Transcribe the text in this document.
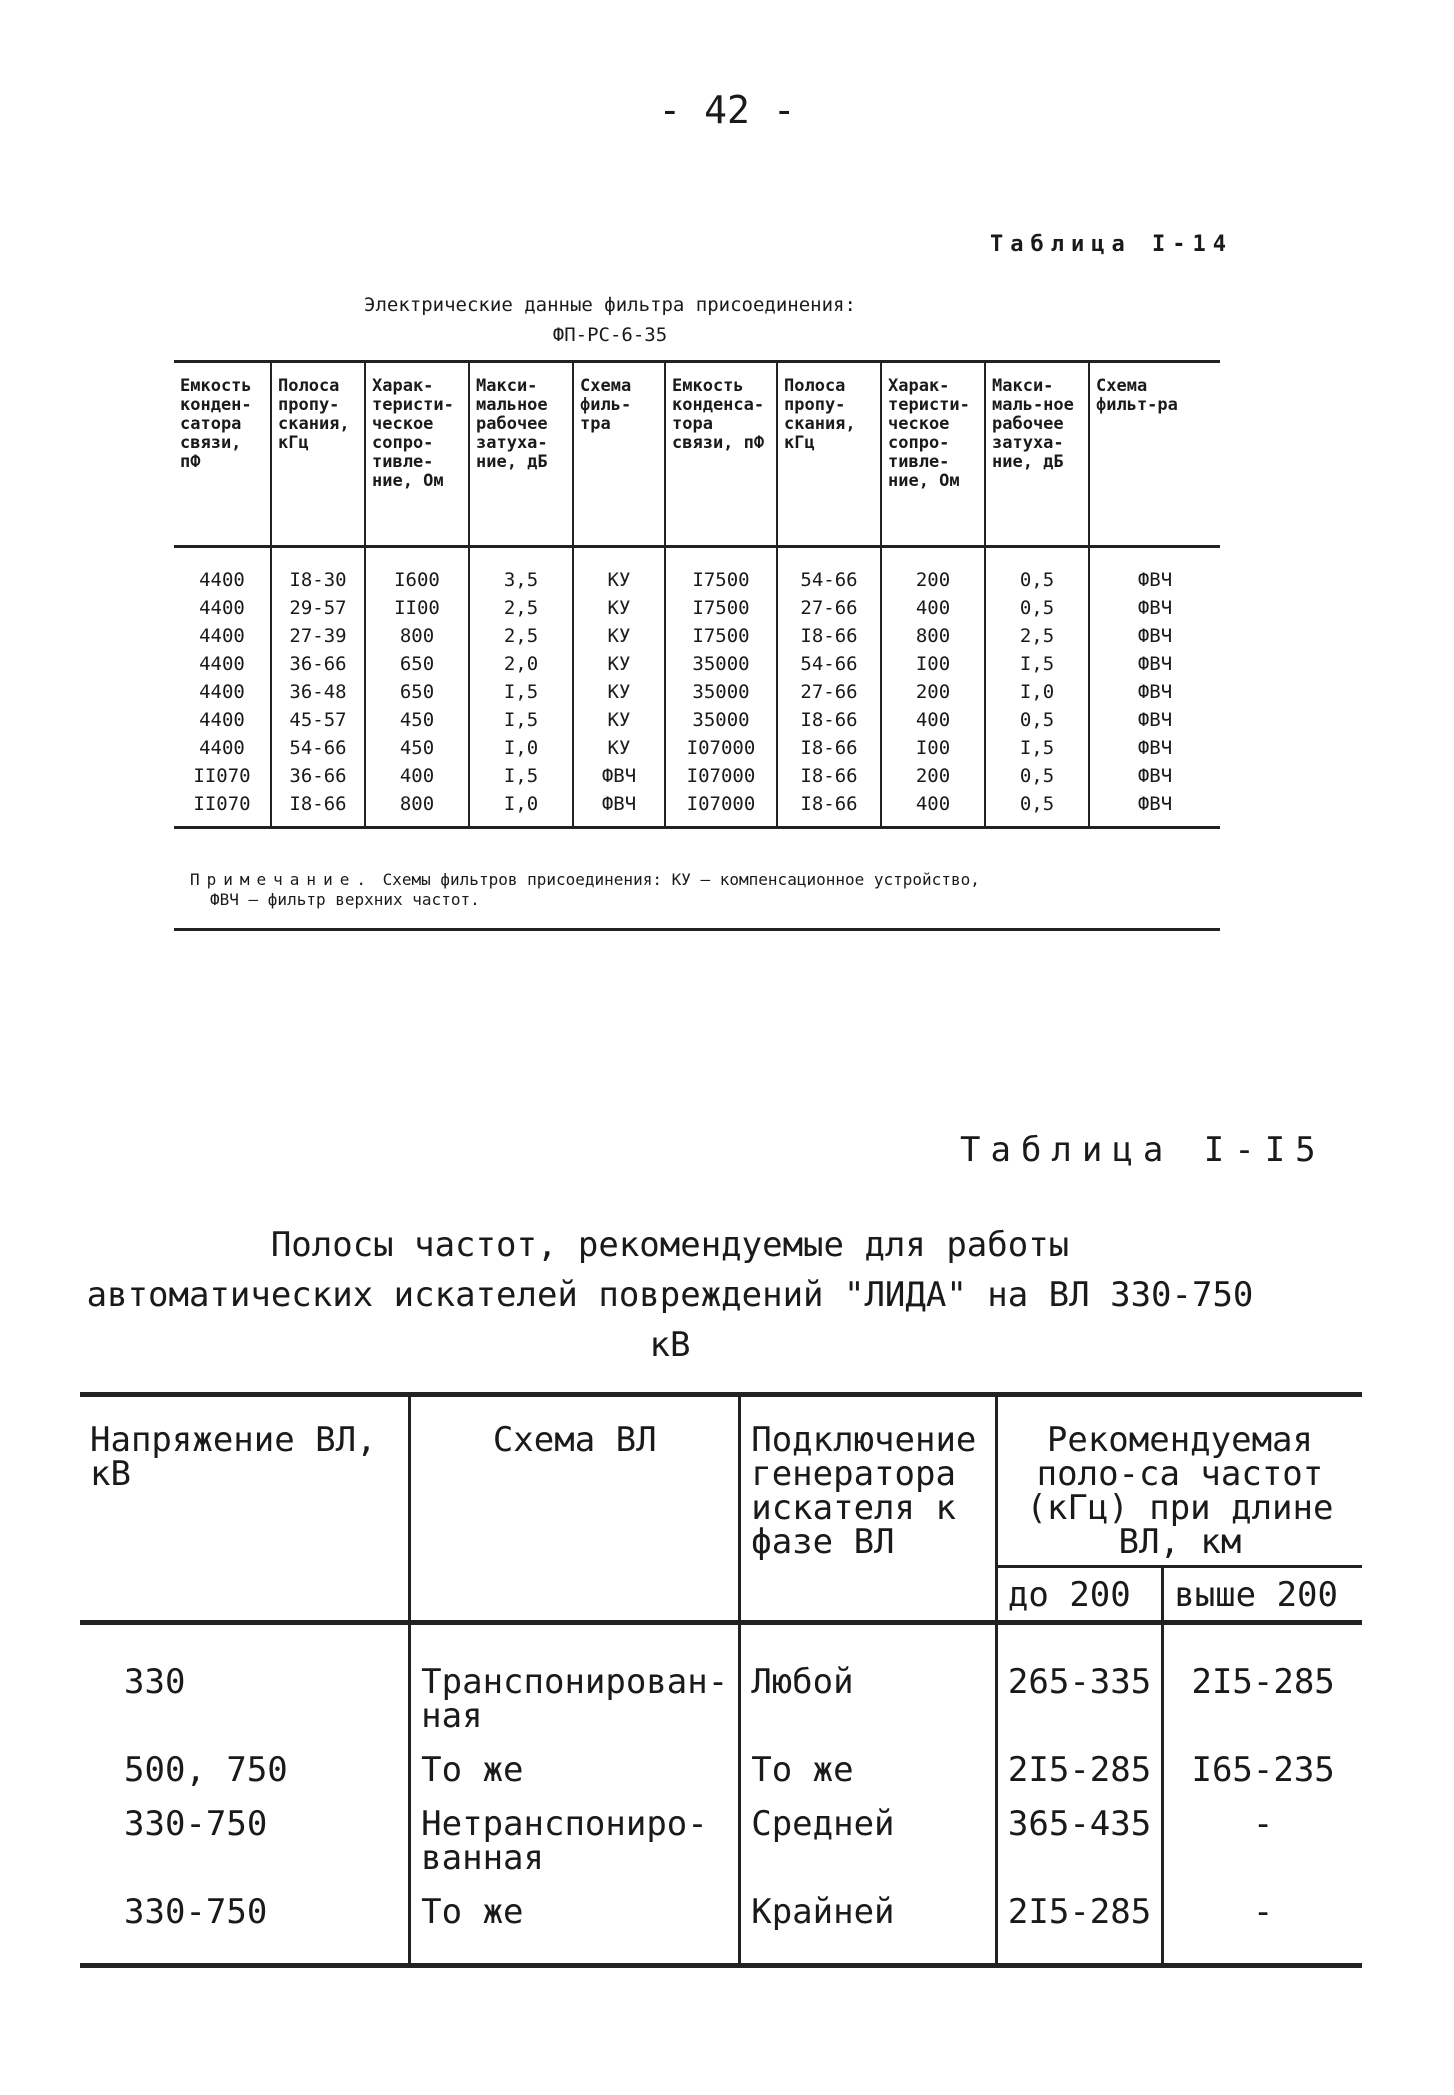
- 42 -
Таблица I-14
Электрические данные фильтра присоединения:
ФП-РС-6-35
Емкость конден-сатора связи, пФ	Полоса пропу-скания, кГц	Харак-теристи-ческое сопро-тивле-ние, Ом	Макси-мальное рабочее затуха-ние, дБ	Схема филь-тра	Емкость конденса-тора связи, пФ	Полоса пропу-скания, кГц	Харак-теристи-ческое сопро-тивле-ние, Ом	Макси-маль-ное рабочее затуха-ние, дБ	Схема фильт-ра
4400	I8-30	I600	3,5	КУ	I7500	54-66	200	0,5	ФВЧ
4400	29-57	II00	2,5	КУ	I7500	27-66	400	0,5	ФВЧ
4400	27-39	800	2,5	КУ	I7500	I8-66	800	2,5	ФВЧ
4400	36-66	650	2,0	КУ	35000	54-66	I00	I,5	ФВЧ
4400	36-48	650	I,5	КУ	35000	27-66	200	I,0	ФВЧ
4400	45-57	450	I,5	КУ	35000	I8-66	400	0,5	ФВЧ
4400	54-66	450	I,0	КУ	I07000	I8-66	I00	I,5	ФВЧ
II070	36-66	400	I,5	ФВЧ	I07000	I8-66	200	0,5	ФВЧ
II070	I8-66	800	I,0	ФВЧ	I07000	I8-66	400	0,5	ФВЧ
Примечание. Схемы фильтров присоединения: КУ – компенсационное устройство,
ФВЧ – фильтр верхних частот.
Таблица I-I5
Полосы частот, рекомендуемые для работы
автоматических искателей повреждений "ЛИДА" на ВЛ 330-750 кВ
Напряжение ВЛ, кВ	Схема ВЛ	Подключение генератора искателя к фазе ВЛ	Рекомендуемая поло-са частот (кГц) при длине ВЛ, км	
			до 200	выше 200
330	Транспонирован-ная	Любой	265-335	2I5-285
500, 750	То же	То же	2I5-285	I65-235
330-750	Нетранспониро-ванная	Средней	365-435	-
330-750	То же	Крайней	2I5-285	-
